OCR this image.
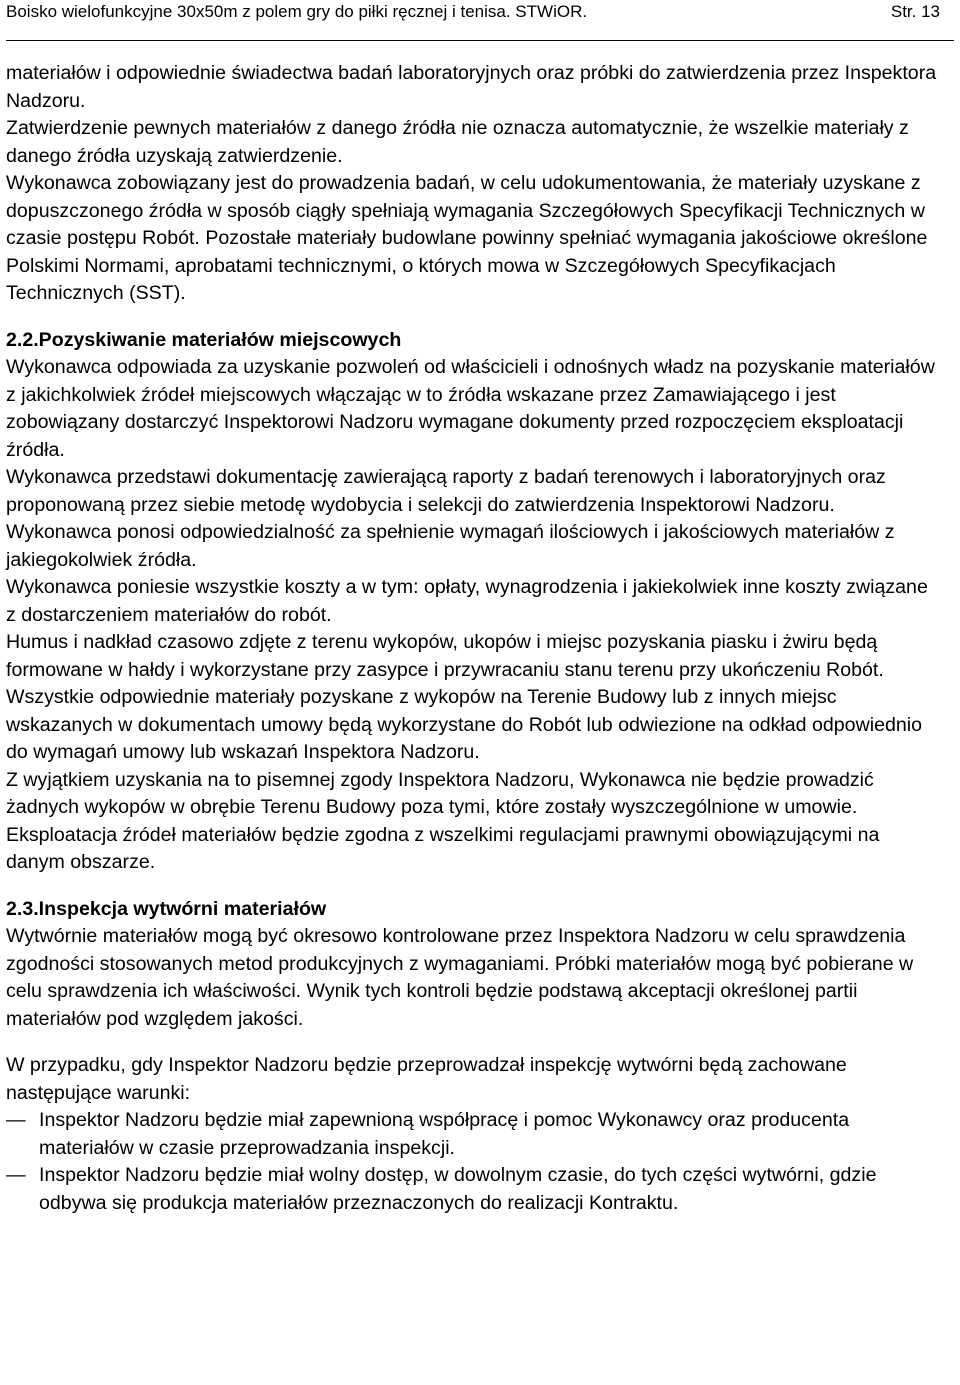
Boisko wielofunkcyjne 30x50m z polem gry do piłki ręcznej i tenisa. STWiOR.	Str. 13

materiałów i odpowiednie świadectwa badań laboratoryjnych oraz próbki do zatwierdzenia przez Inspektora Nadzoru.

Zatwierdzenie pewnych materiałów z danego źródła nie oznacza automatycznie, że wszelkie materiały z danego źródła uzyskają zatwierdzenie.

Wykonawca zobowiązany jest do prowadzenia badań, w celu udokumentowania, że materiały uzyskane z dopuszczonego źródła w sposób ciągły spełniają wymagania Szczegółowych Specyfikacji Technicznych w czasie postępu Robót. Pozostałe materiały budowlane powinny spełniać wymagania jakościowe określone Polskimi Normami, aprobatami technicznymi, o których mowa w Szczegółowych Specyfikacjach Technicznych (SST).

2.2.Pozyskiwanie materiałów miejscowych

Wykonawca odpowiada za uzyskanie pozwoleń od właścicieli i odnośnych władz na pozyskanie materiałów z jakichkolwiek źródeł miejscowych włączając w to źródła wskazane przez Zamawiającego i jest zobowiązany dostarczyć Inspektorowi Nadzoru wymagane dokumenty przed rozpoczęciem eksploatacji źródła.

Wykonawca przedstawi dokumentację zawierającą raporty z badań terenowych i laboratoryjnych oraz proponowaną przez siebie metodę wydobycia i selekcji do zatwierdzenia Inspektorowi Nadzoru.

Wykonawca ponosi odpowiedzialność za spełnienie wymagań ilościowych i jakościowych materiałów z jakiegokolwiek źródła.

Wykonawca poniesie wszystkie koszty a w tym: opłaty, wynagrodzenia i jakiekolwiek inne koszty związane z dostarczeniem materiałów do robót.

Humus i nadkład czasowo zdjęte z terenu wykopów, ukopów i miejsc pozyskania piasku i żwiru będą formowane w hałdy i wykorzystane przy zasypce i przywracaniu stanu terenu przy ukończeniu Robót.

Wszystkie odpowiednie materiały pozyskane z wykopów na Terenie Budowy lub z innych miejsc wskazanych w dokumentach umowy będą wykorzystane do Robót lub odwiezione na odkład odpowiednio do wymagań umowy lub wskazań Inspektora Nadzoru.

Z wyjątkiem uzyskania na to pisemnej zgody Inspektora Nadzoru, Wykonawca nie będzie prowadzić żadnych wykopów w obrębie Terenu Budowy poza tymi, które zostały wyszczególnione w umowie.

Eksploatacja źródeł materiałów będzie zgodna z wszelkimi regulacjami prawnymi obowiązującymi na danym obszarze.

2.3.Inspekcja wytwórni materiałów

Wytwórnie materiałów mogą być okresowo kontrolowane przez Inspektora Nadzoru w celu sprawdzenia zgodności stosowanych metod produkcyjnych z wymaganiami. Próbki materiałów mogą być pobierane w celu sprawdzenia ich właściwości. Wynik tych kontroli będzie podstawą akceptacji określonej partii materiałów pod względem jakości.

W przypadku, gdy Inspektor Nadzoru będzie przeprowadzał inspekcję wytwórni będą zachowane następujące warunki:

— Inspektor Nadzoru będzie miał zapewnioną współpracę i pomoc Wykonawcy oraz producenta materiałów w czasie przeprowadzania inspekcji.

— Inspektor Nadzoru będzie miał wolny dostęp, w dowolnym czasie, do tych części wytwórni, gdzie odbywa się produkcja materiałów przeznaczonych do realizacji Kontraktu.
